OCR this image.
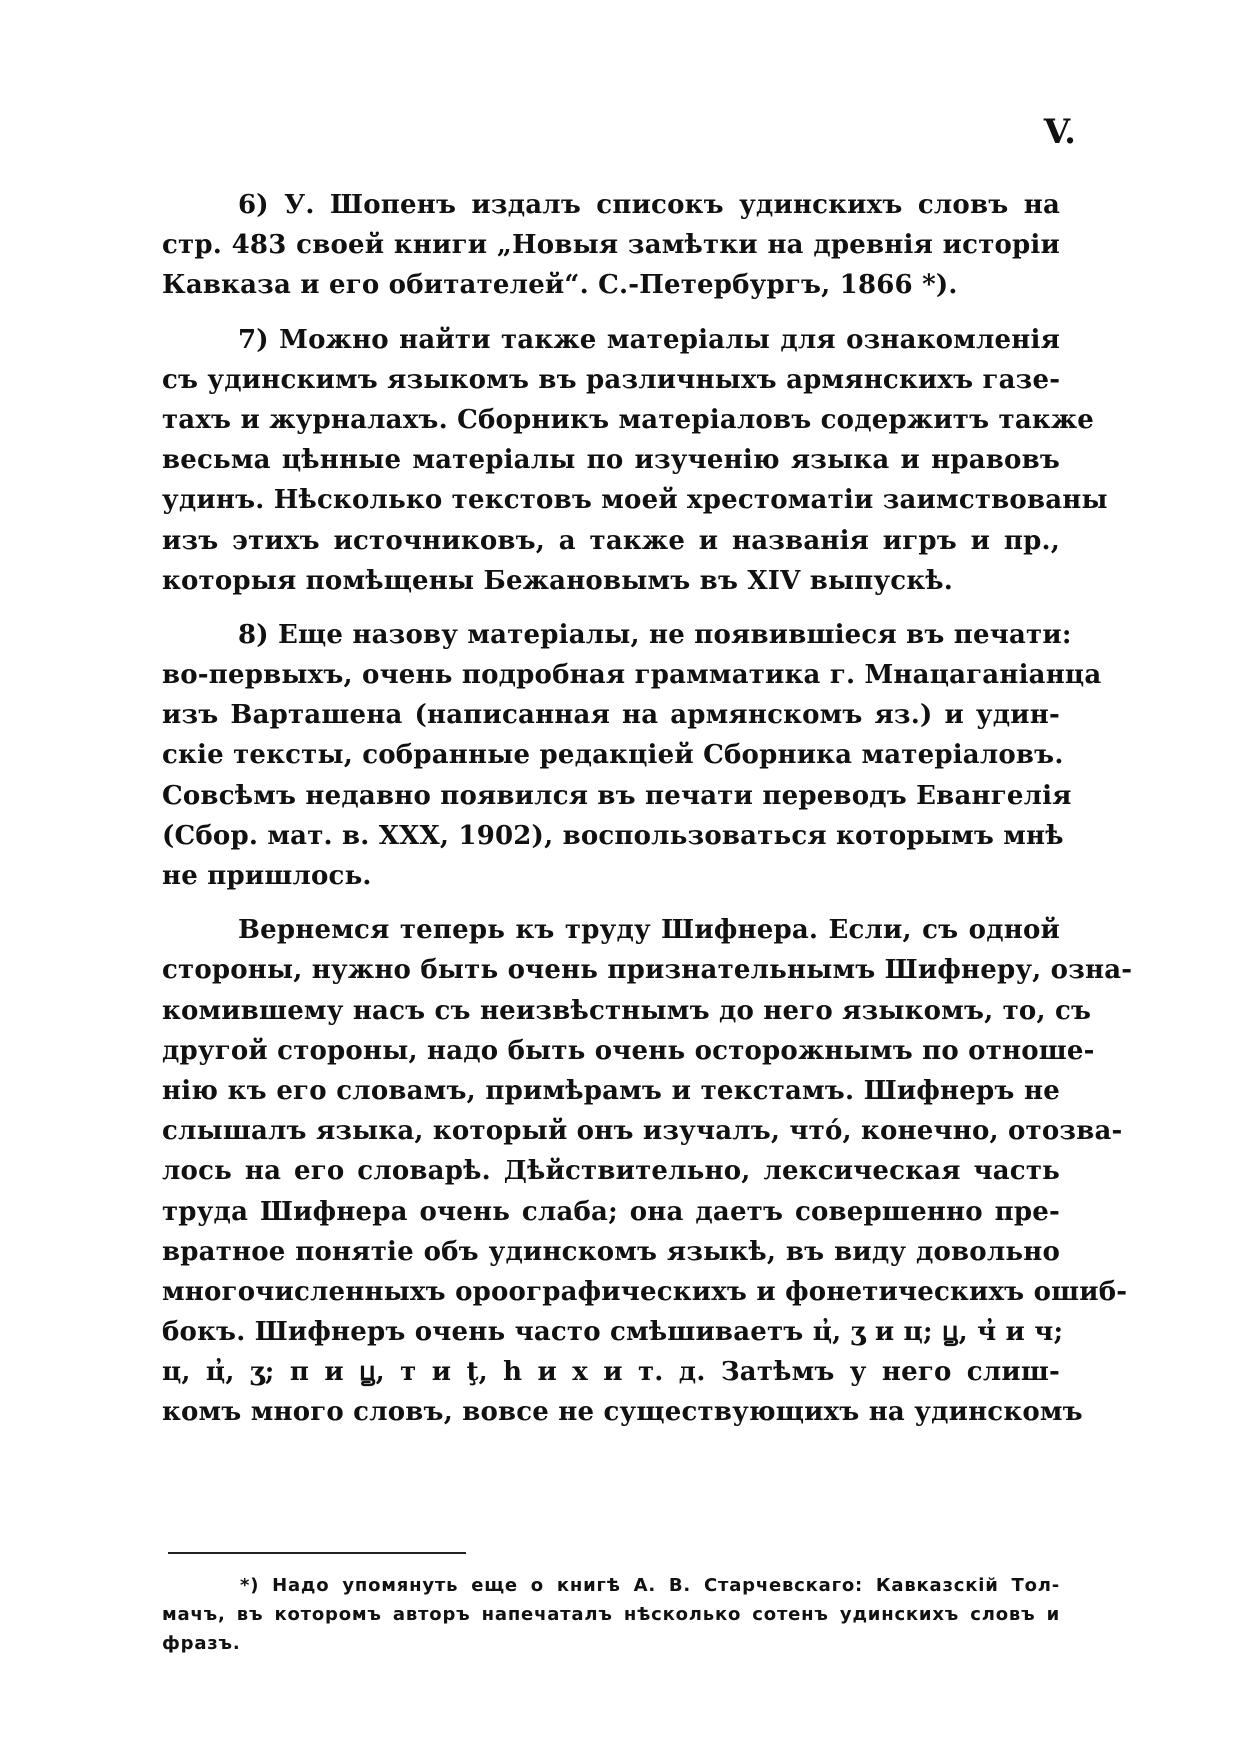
V.

6) У. Шопенъ издалъ списокъ удинскихъ словъ на

стр. 483 своей книги „Новыя замѣтки на древнія исторіи

Кавказа и его обитателей“. С.-Петербургъ, 1866 *).

7) Можно найти также матеріалы для ознакомленія

съ удинскимъ языкомъ въ различныхъ армянскихъ газе-

тахъ и журналахъ. Сборникъ матеріаловъ содержитъ также

весьма цѣнные матеріалы по изученію языка и нравовъ

удинъ. Нѣсколько текстовъ моей хрестоматіи заимствованы

изъ этихъ источниковъ, а также и названія игръ и пр.,

которыя помѣщены Бежановымъ въ XIV выпускѣ.

8) Еще назову матеріалы, не появившіеся въ печати:

во-первыхъ, очень подробная грамматика г. Мнацаганіанца

изъ Варташена (написанная на армянскомъ яз.) и удин-

скіе тексты, собранные редакціей Сборника матеріаловъ.

Совсѣмъ недавно появился въ печати переводъ Евангелія

(Сбор. мат. в. XXX, 1902), воспользоваться которымъ мнѣ

не пришлось.

Вернемся теперь къ труду Шифнера. Если, съ одной

стороны, нужно быть очень признательнымъ Шифнеру, озна-

комившему насъ съ неизвѣстнымъ до него языкомъ, то, съ

другой стороны, надо быть очень осторожнымъ по отноше-

нію къ его словамъ, примѣрамъ и текстамъ. Шифнеръ не

слышалъ языка, который онъ изучалъ, что́, конечно, отозва-

лось на его словарѣ. Дѣйствительно, лексическая часть

труда Шифнера очень слаба; она даетъ совершенно пре-

вратное понятіе объ удинскомъ языкѣ, въ виду довольно

многочисленныхъ ороографическихъ и фонетическихъ ошиб-

бокъ. Шифнеръ очень часто смѣшиваетъ ц̓, ӡ и ц; ꚏ, ч̓ и ч;

ц, ц̓, ӡ; п и ꚏ, т и ţ, һ и х и т. д. Затѣмъ у него слиш-

комъ много словъ, вовсе не существующихъ на удинскомъ

*) Надо упомянуть еще о книгѣ А. В. Старчевскаго: Кавказскій Тол-

мачъ, въ которомъ авторъ напечаталъ нѣсколько сотенъ удинскихъ словъ и

фразъ.
